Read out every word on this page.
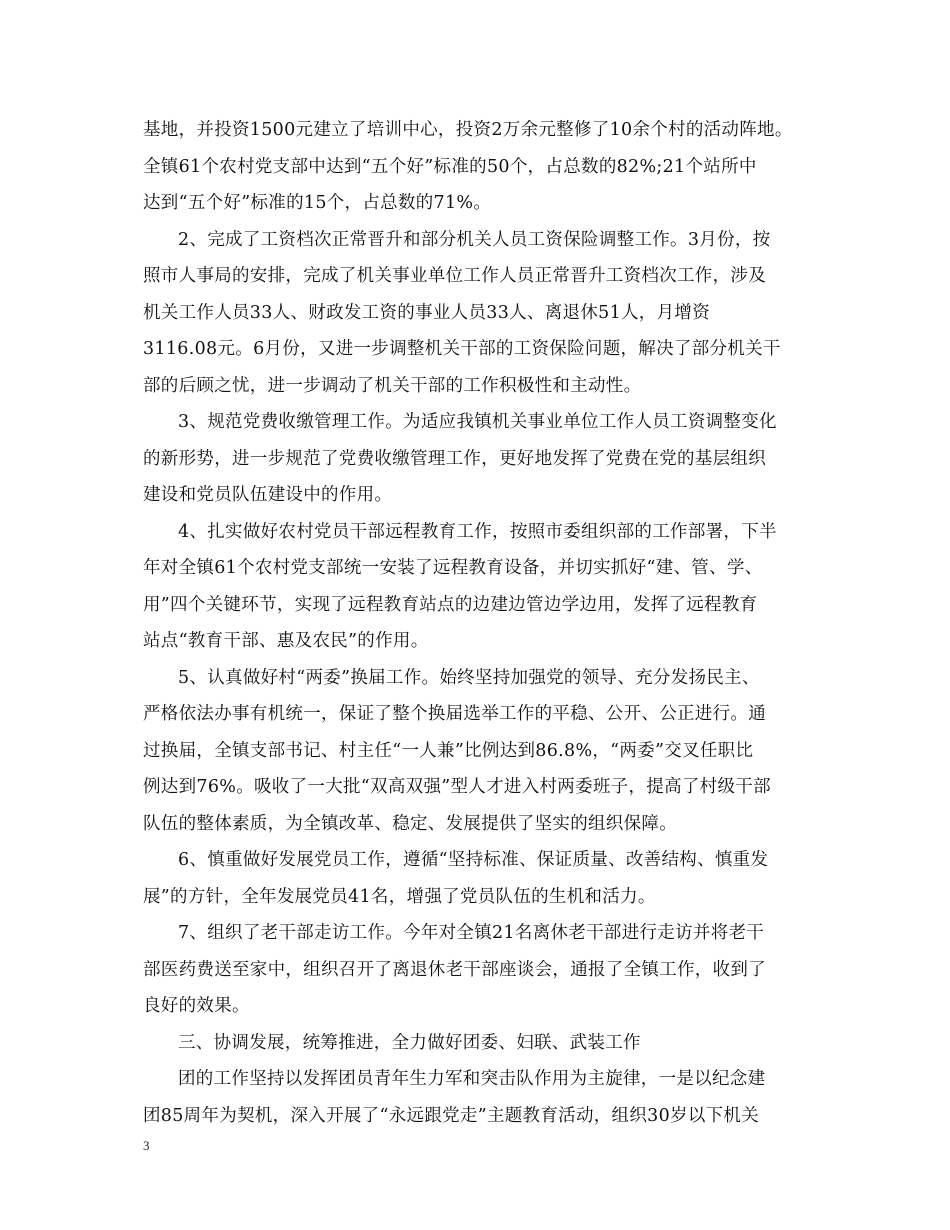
基地，并投资1500元建立了培训中心，投资2万余元整修了10余个村的活动阵地。
全镇61个农村党支部中达到“五个好”标准的50个，占总数的82%;21个站所中
达到“五个好”标准的15个，占总数的71%。
2、完成了工资档次正常晋升和部分机关人员工资保险调整工作。3月份，按
照市人事局的安排，完成了机关事业单位工作人员正常晋升工资档次工作，涉及
机关工作人员33人、财政发工资的事业人员33人、离退休51人，月增资
3116.08元。6月份，又进一步调整机关干部的工资保险问题，解决了部分机关干
部的后顾之忧，进一步调动了机关干部的工作积极性和主动性。
3、规范党费收缴管理工作。为适应我镇机关事业单位工作人员工资调整变化
的新形势，进一步规范了党费收缴管理工作，更好地发挥了党费在党的基层组织
建设和党员队伍建设中的作用。
4、扎实做好农村党员干部远程教育工作，按照市委组织部的工作部署，下半
年对全镇61个农村党支部统一安装了远程教育设备，并切实抓好“建、管、学、
用”四个关键环节，实现了远程教育站点的边建边管边学边用，发挥了远程教育
站点“教育干部、惠及农民”的作用。
5、认真做好村“两委”换届工作。始终坚持加强党的领导、充分发扬民主、
严格依法办事有机统一，保证了整个换届选举工作的平稳、公开、公正进行。通
过换届，全镇支部书记、村主任“一人兼”比例达到86.8%，“两委”交叉任职比
例达到76%。吸收了一大批“双高双强”型人才进入村两委班子，提高了村级干部
队伍的整体素质，为全镇改革、稳定、发展提供了坚实的组织保障。
6、慎重做好发展党员工作，遵循“坚持标准、保证质量、改善结构、慎重发
展”的方针，全年发展党员41名，增强了党员队伍的生机和活力。
7、组织了老干部走访工作。今年对全镇21名离休老干部进行走访并将老干
部医药费送至家中，组织召开了离退休老干部座谈会，通报了全镇工作，收到了
良好的效果。
三、协调发展，统筹推进，全力做好团委、妇联、武装工作
团的工作坚持以发挥团员青年生力军和突击队作用为主旋律，一是以纪念建
团85周年为契机，深入开展了“永远跟党走”主题教育活动，组织30岁以下机关
3
